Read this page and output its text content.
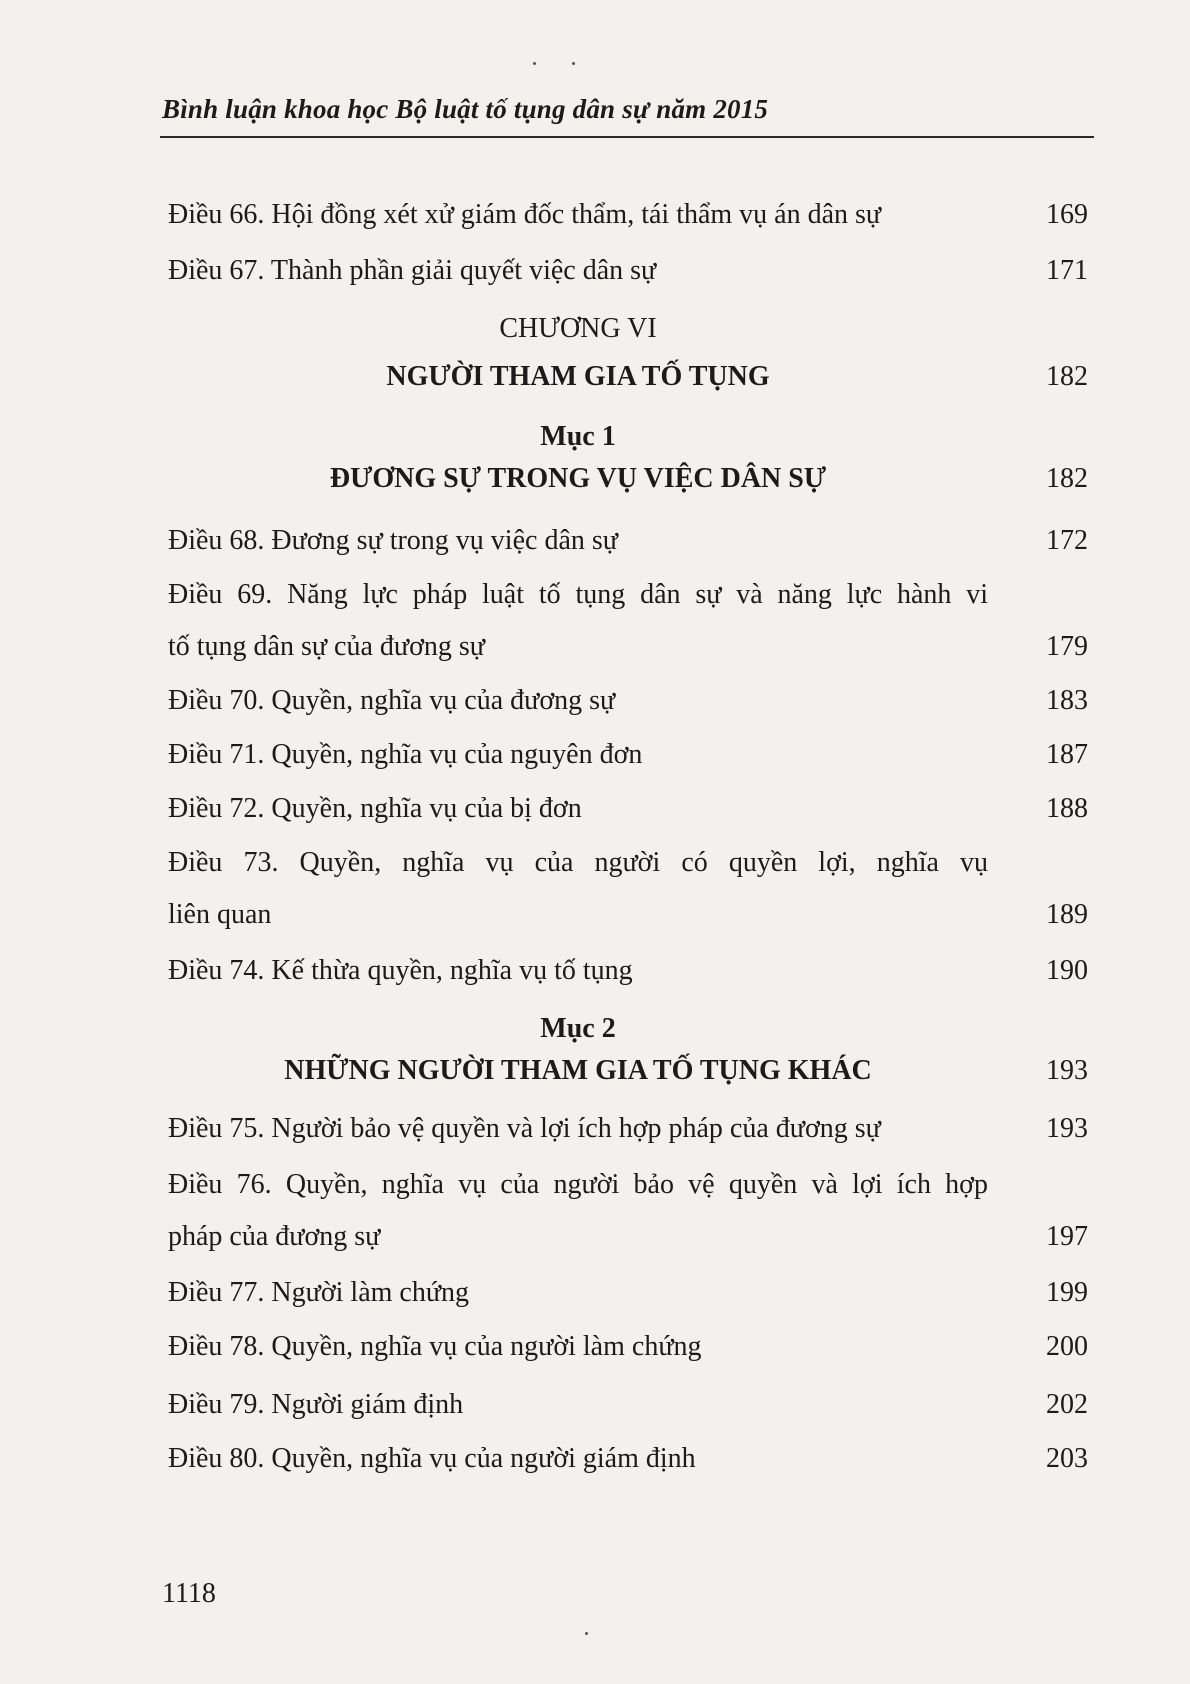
Bình luận khoa học Bộ luật tố tụng dân sự năm 2015
Điều 66. Hội đồng xét xử giám đốc thẩm, tái thẩm vụ án dân sự	169
Điều 67. Thành phần giải quyết việc dân sự	171
CHƯƠNG VI
NGƯỜI THAM GIA TỐ TỤNG	182
Mục 1
ĐƯƠNG SỰ TRONG VỤ VIỆC DÂN SỰ	182
Điều 68. Đương sự trong vụ việc dân sự	172
Điều 69. Năng lực pháp luật tố tụng dân sự và năng lực hành vi
tố tụng dân sự của đương sự	179
Điều 70. Quyền, nghĩa vụ của đương sự	183
Điều 71. Quyền, nghĩa vụ của nguyên đơn	187
Điều 72. Quyền, nghĩa vụ của bị đơn	188
Điều 73. Quyền, nghĩa vụ của người có quyền lợi, nghĩa vụ
liên quan	189
Điều 74. Kế thừa quyền, nghĩa vụ tố tụng	190
Mục 2
NHỮNG NGƯỜI THAM GIA TỐ TỤNG KHÁC	193
Điều 75. Người bảo vệ quyền và lợi ích hợp pháp của đương sự	193
Điều 76. Quyền, nghĩa vụ của người bảo vệ quyền và lợi ích hợp
pháp của đương sự	197
Điều 77. Người làm chứng	199
Điều 78. Quyền, nghĩa vụ của người làm chứng	200
Điều 79. Người giám định	202
Điều 80. Quyền, nghĩa vụ của người giám định	203
1118
